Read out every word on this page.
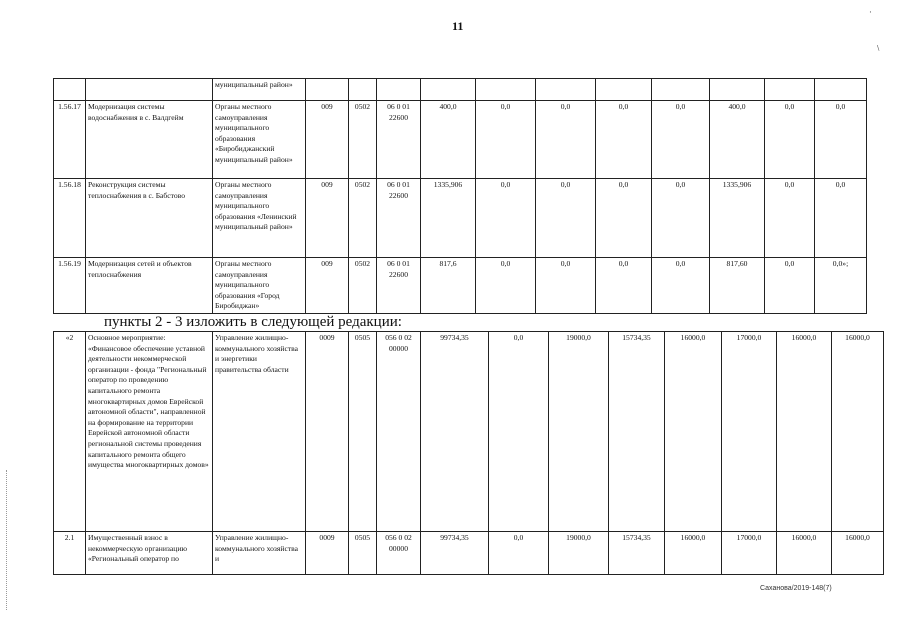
11
·
\
		муниципальный район»											
1.56.17	Модернизация системы водоснабжения в с. Валдгейм	Органы местного самоуправления муниципального образования «Биробиджанский муниципальный район»	009	0502	06 0 01 22600	400,0	0,0	0,0	0,0	0,0	400,0	0,0	0,0
1.56.18	Реконструкция системы теплоснабжения в с. Бабстово	Органы местного самоуправления муниципального образования «Ленинский муниципальный район»	009	0502	06 0 01 22600	1335,906	0,0	0,0	0,0	0,0	1335,906	0,0	0,0
1.56.19	Модернизация сетей и объектов теплоснабжения	Органы местного самоуправления муниципального образования «Город Биробиджан»	009	0502	06 0 01 22600	817,6	0,0	0,0	0,0	0,0	817,60	0,0	0,0»;
пункты 2 - 3 изложить в следующей редакции:
«2	Основное мероприятие: «Финансовое обеспечение уставной деятельности некоммерческой организации - фонда "Региональный оператор по проведению капитального ремонта многоквартирных домов Еврейской автономной области", направленной на формирование на территории Еврейской автономной области региональной системы проведения капитального ремонта общего имущества многоквартирных домов»	Управление жилищно-коммунального хозяйства и энергетики правительства области	0009	0505	056 0 02 00000	99734,35	0,0	19000,0	15734,35	16000,0	17000,0	16000,0	16000,0
2.1	Имущественный взнос в некоммерческую организацию «Региональный оператор по	Управление жилищно-коммунального хозяйства и	0009	0505	056 0 02 00000	99734,35	0,0	19000,0	15734,35	16000,0	17000,0	16000,0	16000,0
Саханова/2019-148(7)
